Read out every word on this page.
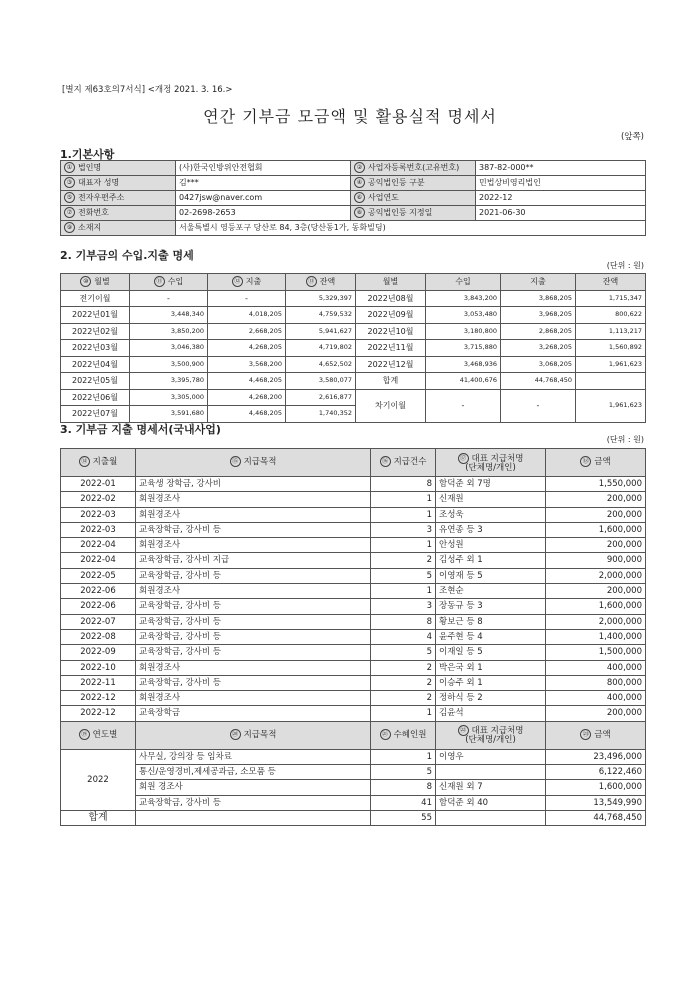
[별지 제63호의7서식] <개정 2021. 3. 16.>
연간 기부금 모금액 및 활용실적 명세서
(앞쪽)
1.기본사항
① 법인명	(사)한국인방위안전협회	② 사업자등록번호(고유번호)	387-82-000**
③ 대표자 성명	김***	④ 공익법인등 구분	민법상비영리법인
⑤ 전자우편주소	0427jsw@naver.com	⑥ 사업연도	2022-12
⑦ 전화번호	02-2698-2653	⑧ 공익법인등 지정일	2021-06-30
⑨ 소재지	서울특별시 영등포구 당산로 84, 3층(당산동1가, 동화빌딩)
2. 기부금의 수입.지출 명세
(단위 : 원)
⑩ 월별	⑪ 수입	⑫ 지출	⑬ 잔액	월별	수입	지출	잔액
전기이월	-	-	5,329,397	2022년08월	3,843,200	3,868,205	1,715,347
2022년01월	3,448,340	4,018,205	4,759,532	2022년09월	3,053,480	3,968,205	800,622
2022년02월	3,850,200	2,668,205	5,941,627	2022년10월	3,180,800	2,868,205	1,113,217
2022년03월	3,046,380	4,268,205	4,719,802	2022년11월	3,715,880	3,268,205	1,560,892
2022년04월	3,500,900	3,568,200	4,652,502	2022년12월	3,468,936	3,068,205	1,961,623
2022년05월	3,395,780	4,468,205	3,580,077	합계	41,400,676	44,768,450	
2022년06월	3,305,000	4,268,200	2,616,877	차기이월	-	-	1,961,623
2022년07월	3,591,680	4,468,205	1,740,352
3. 기부금 지출 명세서(국내사업)
(단위 : 원)
⑭ 지출월	⑮ 지급목적	⑯ 지급건수	⑰ 대표 지급처명
(단체명/개인)	⑱ 금액
2022-01	교육생 장학금, 강사비	8	함덕준 외 7명	1,550,000
2022-02	회원경조사	1	신재원	200,000
2022-03	회원경조사	1	조성욱	200,000
2022-03	교육장학금, 강사비 등	3	유연종 등 3	1,600,000
2022-04	회원경조사	1	안성원	200,000
2022-04	교육장학금, 강사비 지급	2	김성주 외 1	900,000
2022-05	교육장학금, 강사비 등	5	이영재 등 5	2,000,000
2022-06	회원경조사	1	조현순	200,000
2022-06	교육장학금, 강사비 등	3	장동규 등 3	1,600,000
2022-07	교육장학금, 강사비 등	8	황보근 등 8	2,000,000
2022-08	교육장학금, 강사비 등	4	윤주현 등 4	1,400,000
2022-09	교육장학금, 강사비 등	5	이재일 등 5	1,500,000
2022-10	회원경조사	2	박은국 외 1	400,000
2022-11	교육장학금, 강사비 등	2	이승주 외 1	800,000
2022-12	회원경조사	2	정하식 등 2	400,000
2022-12	교육장학금	1	김윤석	200,000
⑲ 연도별	⑳ 지급목적	㉑ 수혜인원	㉒ 대표 지급처명
(단체명/개인)	㉓ 금액
2022	사무실, 강의장 등 임차료	1	이영우	23,496,000
통신/운영경비,제세공과금, 소모품 등	5		6,122,460
회원 경조사	8	신재원 외 7	1,600,000
교육장학금, 강사비 등	41	함덕준 외 40	13,549,990
합계		55		44,768,450
